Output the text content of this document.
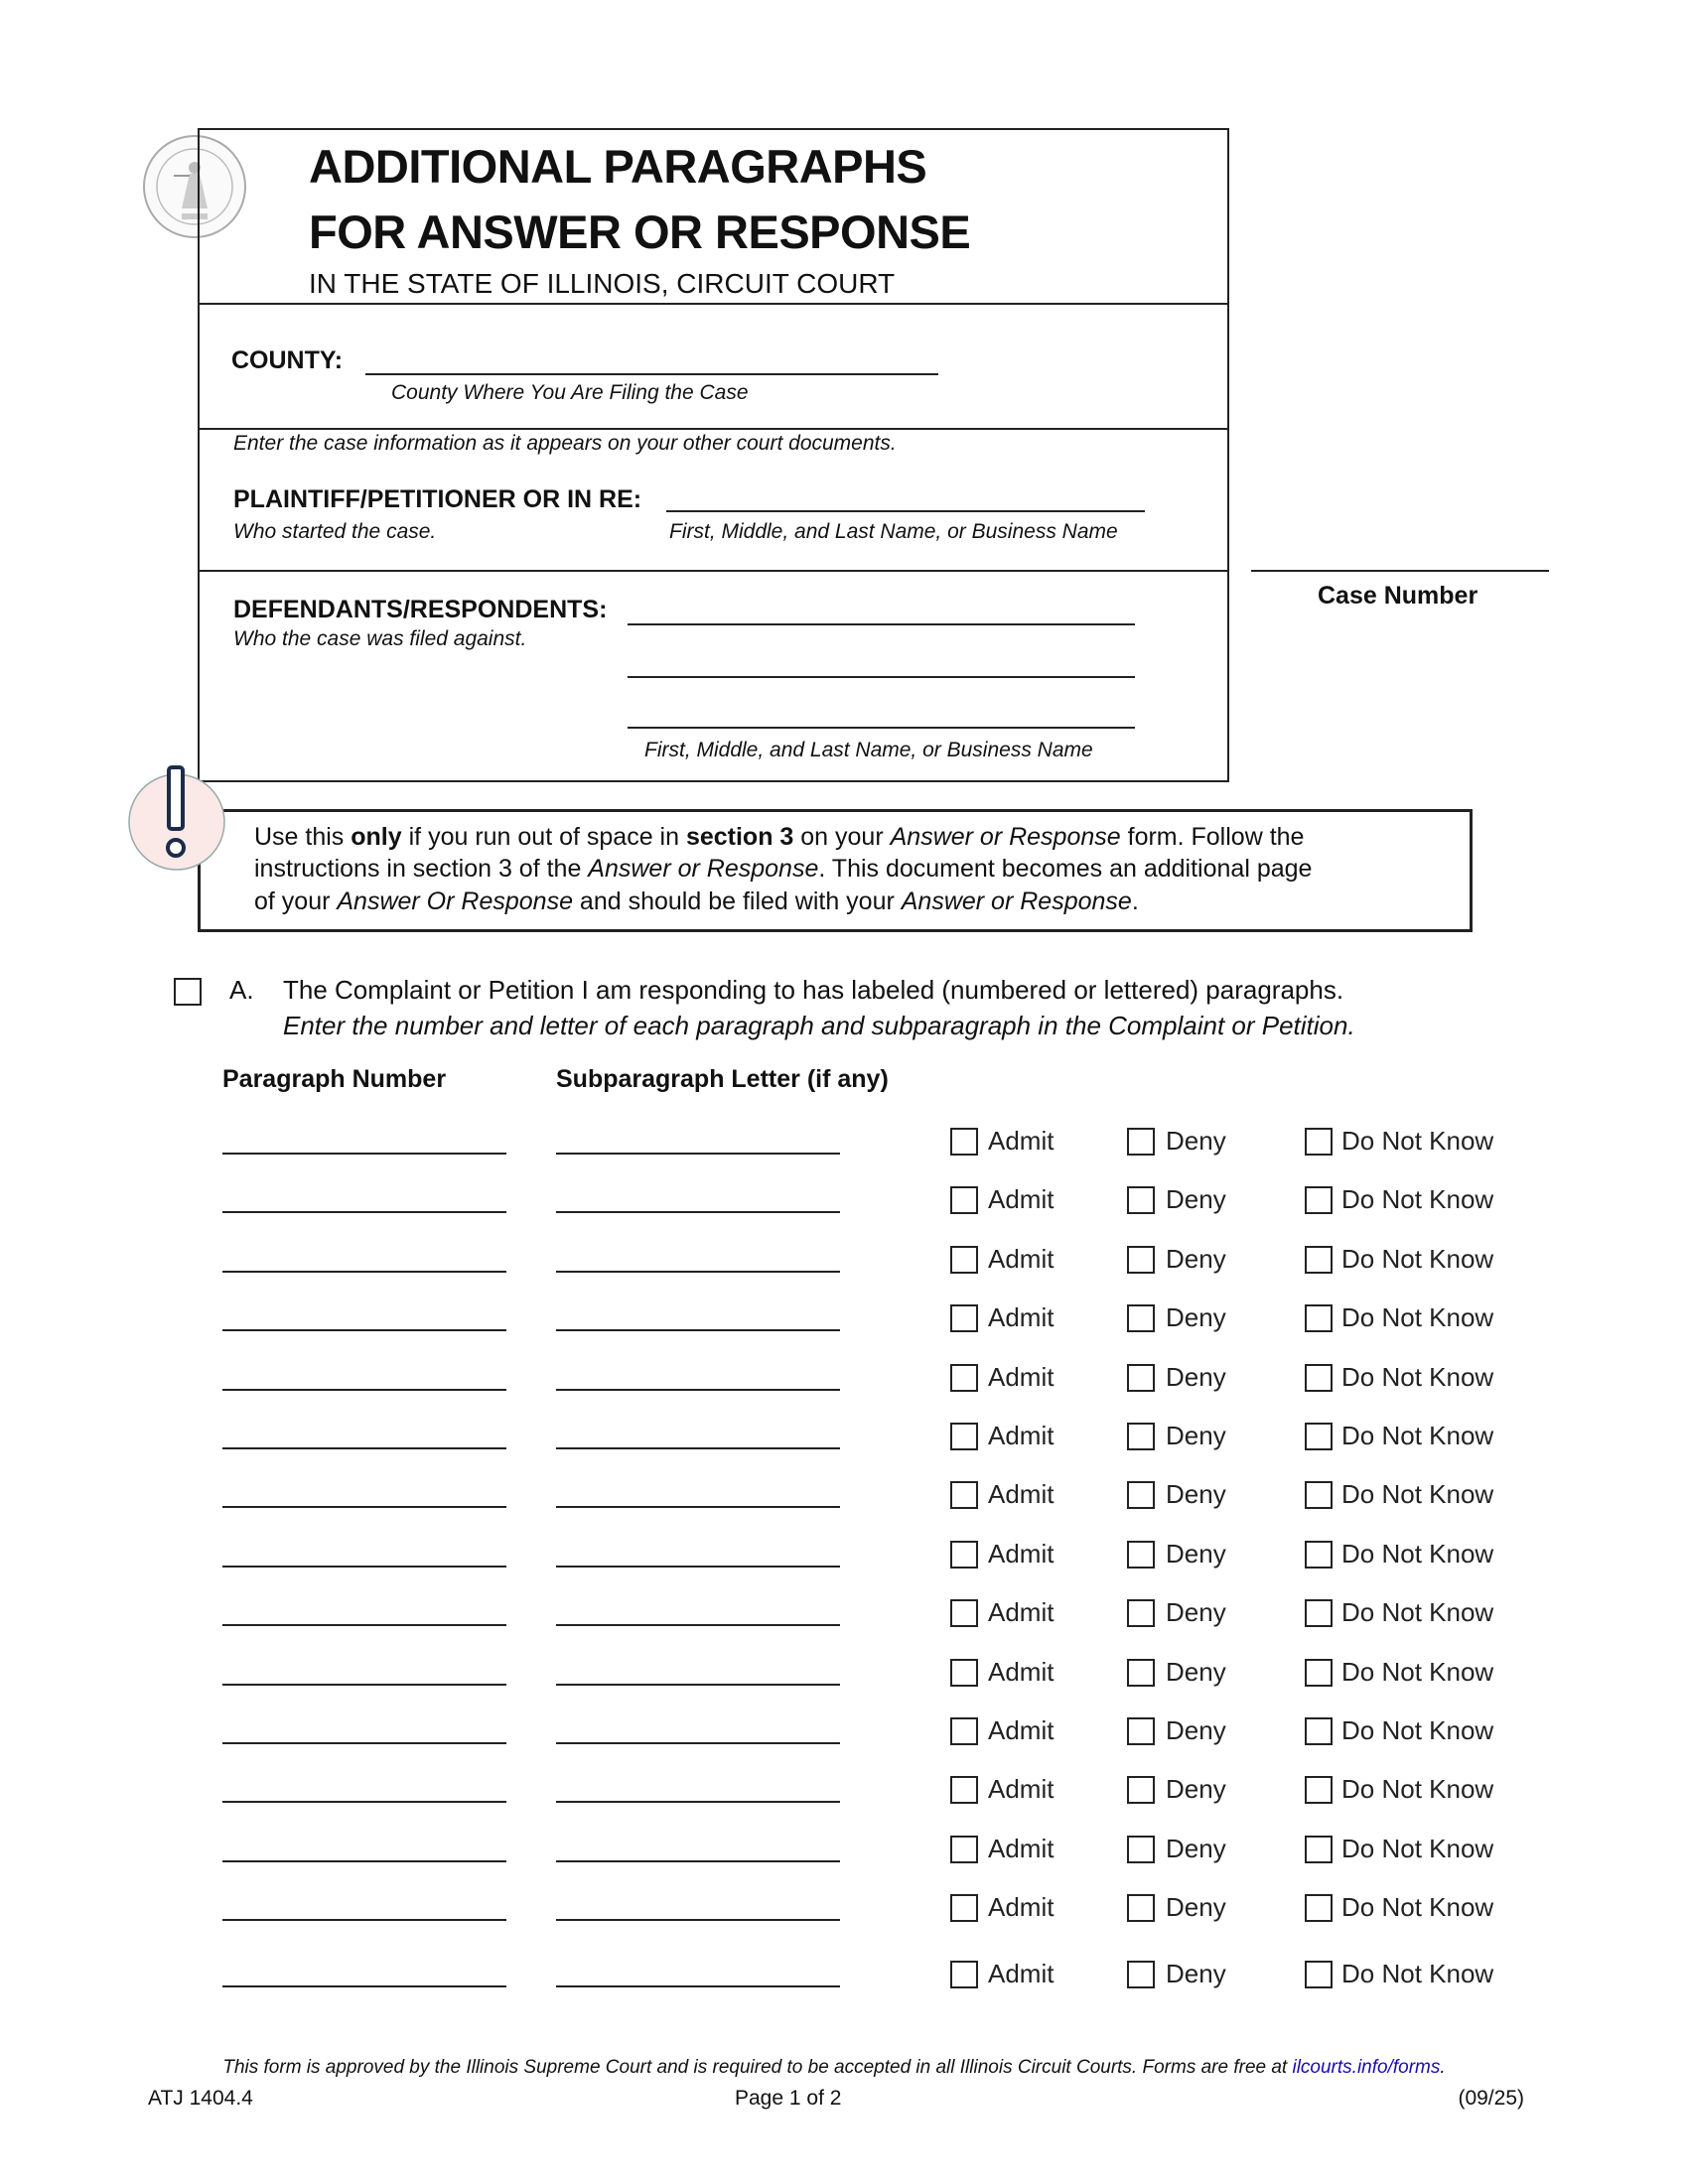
ADDITIONAL PARAGRAPHS
FOR ANSWER OR RESPONSE
IN THE STATE OF ILLINOIS, CIRCUIT COURT
COUNTY:
County Where You Are Filing the Case
Enter the case information as it appears on your other court documents.
PLAINTIFF/PETITIONER OR IN RE:
Who started the case.	First, Middle, and Last Name, or Business Name
DEFENDANTS/RESPONDENTS:
Who the case was filed against.
First, Middle, and Last Name, or Business Name
Case Number
Use this only if you run out of space in section 3 on your Answer or Response form. Follow the
instructions in section 3 of the Answer or Response. This document becomes an additional page
of your Answer Or Response and should be filed with your Answer or Response.
A. The Complaint or Petition I am responding to has labeled (numbered or lettered) paragraphs.
Enter the number and letter of each paragraph and subparagraph in the Complaint or Petition.
Paragraph Number	Subparagraph Letter (if any)
Admit	Deny	Do Not Know
Admit	Deny	Do Not Know
Admit	Deny	Do Not Know
Admit	Deny	Do Not Know
Admit	Deny	Do Not Know
Admit	Deny	Do Not Know
Admit	Deny	Do Not Know
Admit	Deny	Do Not Know
Admit	Deny	Do Not Know
Admit	Deny	Do Not Know
Admit	Deny	Do Not Know
Admit	Deny	Do Not Know
Admit	Deny	Do Not Know
Admit	Deny	Do Not Know
Admit	Deny	Do Not Know
This form is approved by the Illinois Supreme Court and is required to be accepted in all Illinois Circuit Courts. Forms are free at ilcourts.info/forms.
ATJ 1404.4	Page 1 of 2	(09/25)
